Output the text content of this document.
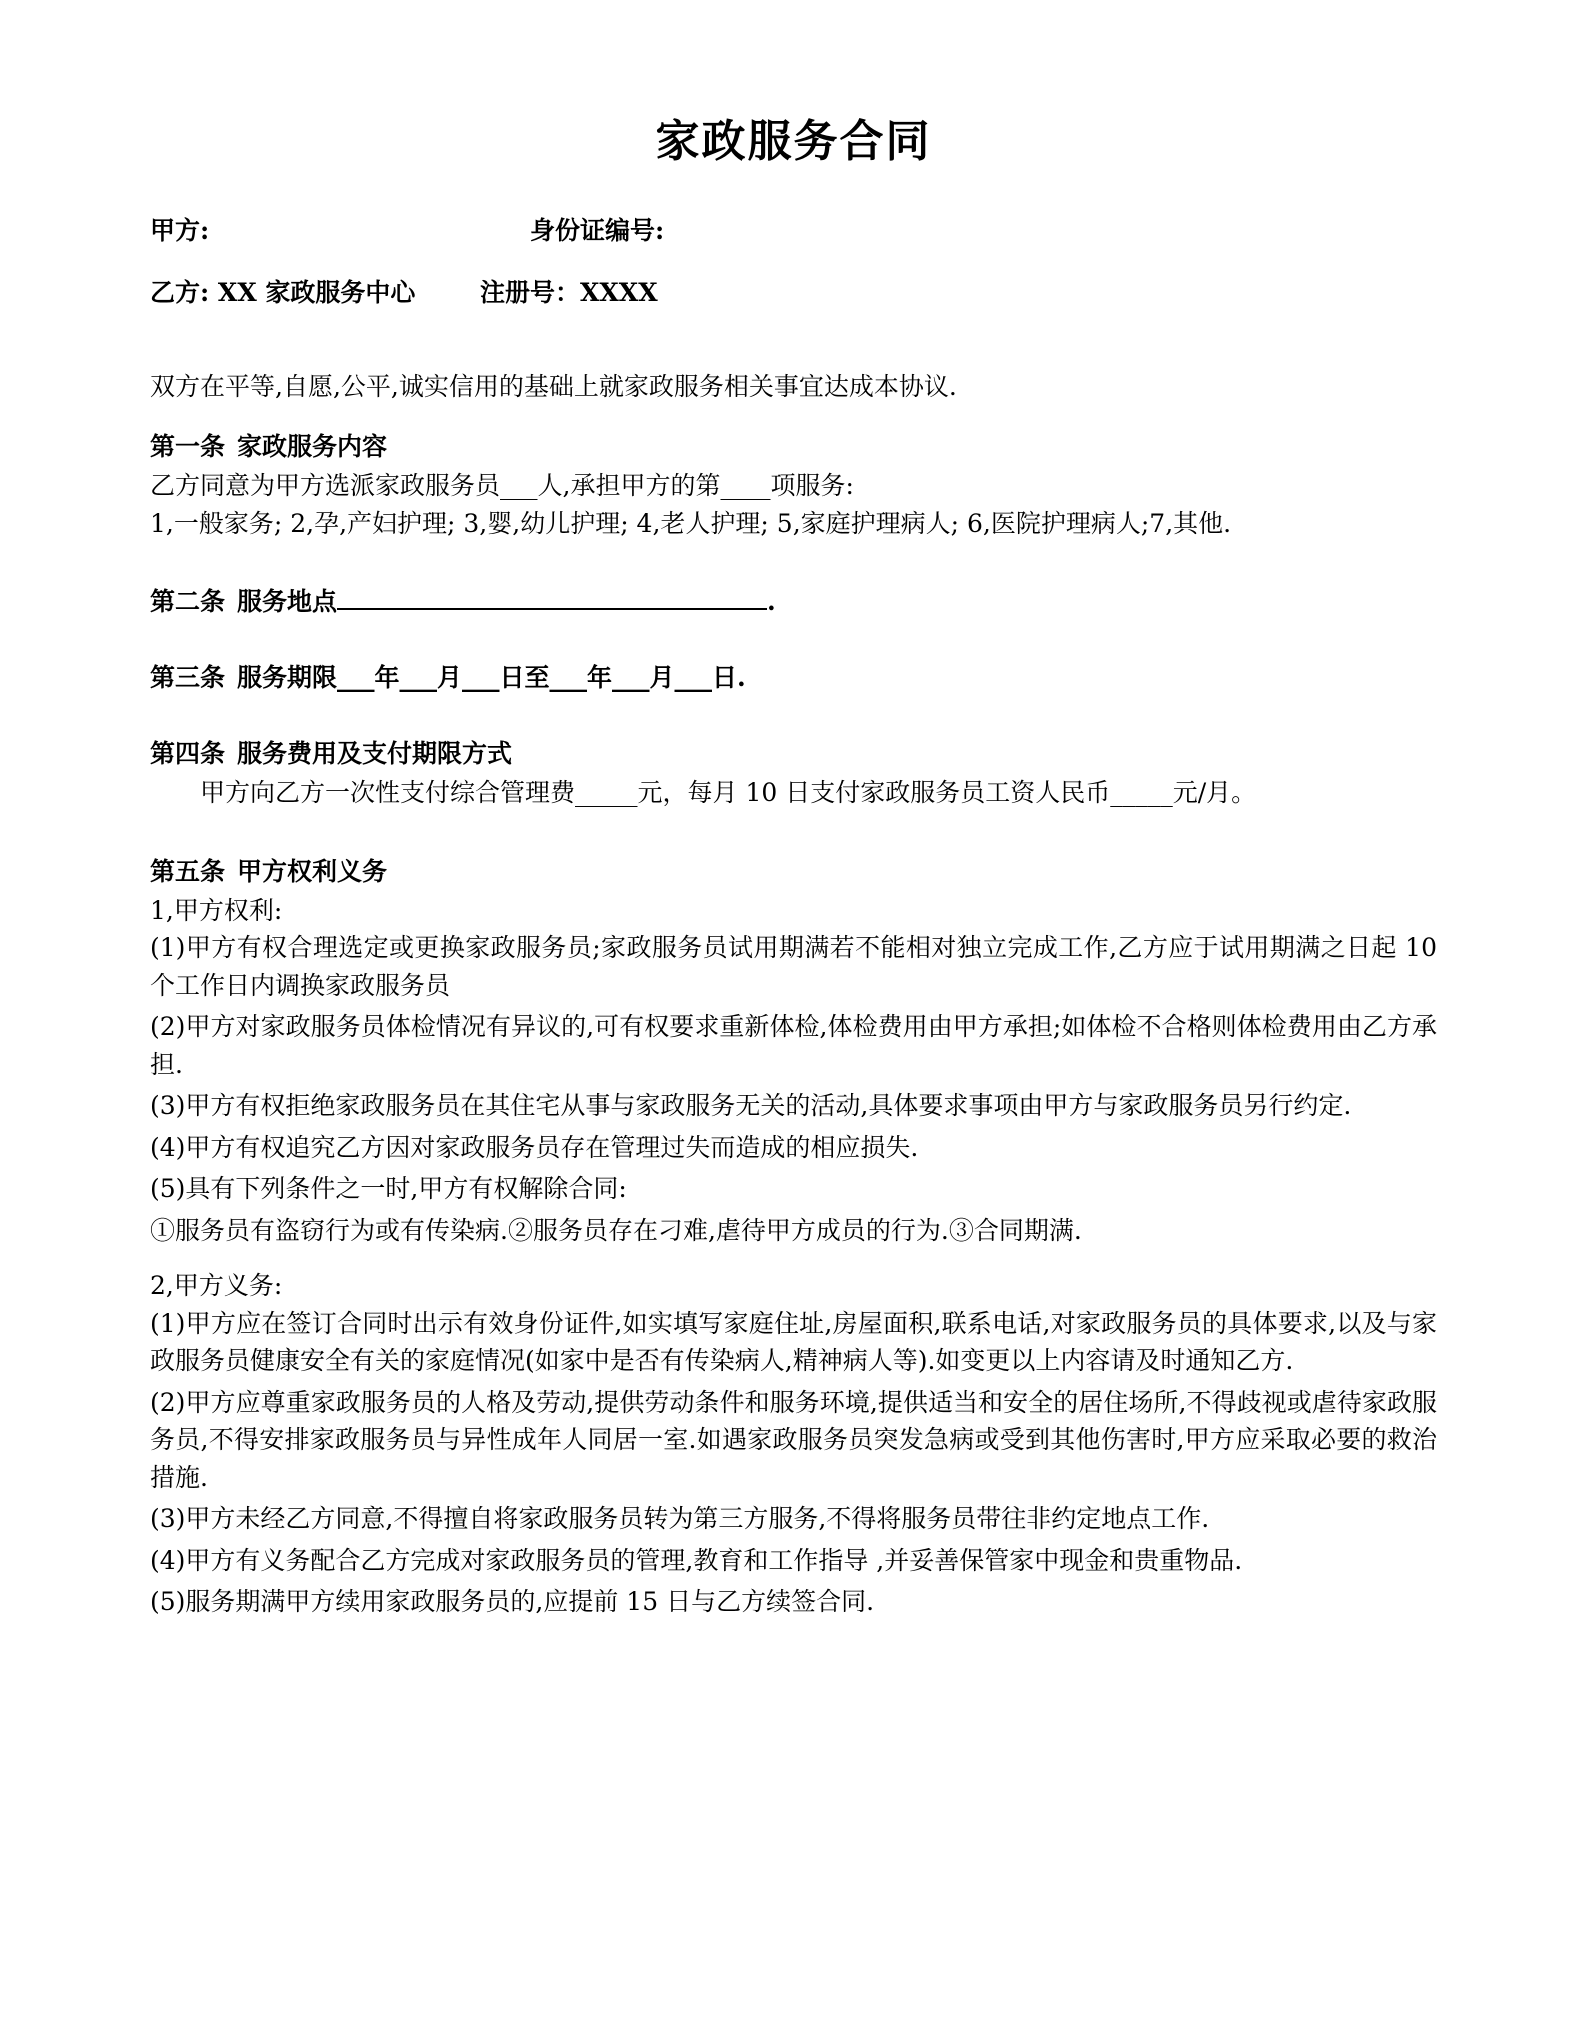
家政服务合同
甲方:	身份证编号:
乙方: XX 家政服务中心	注册号：XXXX

双方在平等,自愿,公平,诚实信用的基础上就家政服务相关事宜达成本协议.

第一条 家政服务内容

乙方同意为甲方选派家政服务员___人,承担甲方的第____项服务:

1,一般家务; 2,孕,产妇护理; 3,婴,幼儿护理; 4,老人护理; 5,家庭护理病人; 6,医院护理病人;7,其他.

第二条 服务地点	.
第三条 服务期限___年___月___日至___年___月___日.
第四条 服务费用及支付期限方式

甲方向乙方一次性支付综合管理费_____元，每月 10 日支付家政服务员工资人民币_____元/月。

第五条 甲方权利义务

1,甲方权利:

(1)甲方有权合理选定或更换家政服务员;家政服务员试用期满若不能相对独立完成工作,乙方应于试用期满之日起 10 个工作日内调换家政服务员

(2)甲方对家政服务员体检情况有异议的,可有权要求重新体检,体检费用由甲方承担;如体检不合格则体检费用由乙方承担.

(3)甲方有权拒绝家政服务员在其住宅从事与家政服务无关的活动,具体要求事项由甲方与家政服务员另行约定.

(4)甲方有权追究乙方因对家政服务员存在管理过失而造成的相应损失.

(5)具有下列条件之一时,甲方有权解除合同:

①服务员有盗窃行为或有传染病.②服务员存在刁难,虐待甲方成员的行为.③合同期满.

2,甲方义务:

(1)甲方应在签订合同时出示有效身份证件,如实填写家庭住址,房屋面积,联系电话,对家政服务员的具体要求,以及与家政服务员健康安全有关的家庭情况(如家中是否有传染病人,精神病人等).如变更以上内容请及时通知乙方.

(2)甲方应尊重家政服务员的人格及劳动,提供劳动条件和服务环境,提供适当和安全的居住场所,不得歧视或虐待家政服务员,不得安排家政服务员与异性成年人同居一室.如遇家政服务员突发急病或受到其他伤害时,甲方应采取必要的救治措施.

(3)甲方未经乙方同意,不得擅自将家政服务员转为第三方服务,不得将服务员带往非约定地点工作.

(4)甲方有义务配合乙方完成对家政服务员的管理,教育和工作指导 ,并妥善保管家中现金和贵重物品.

(5)服务期满甲方续用家政服务员的,应提前 15 日与乙方续签合同.
